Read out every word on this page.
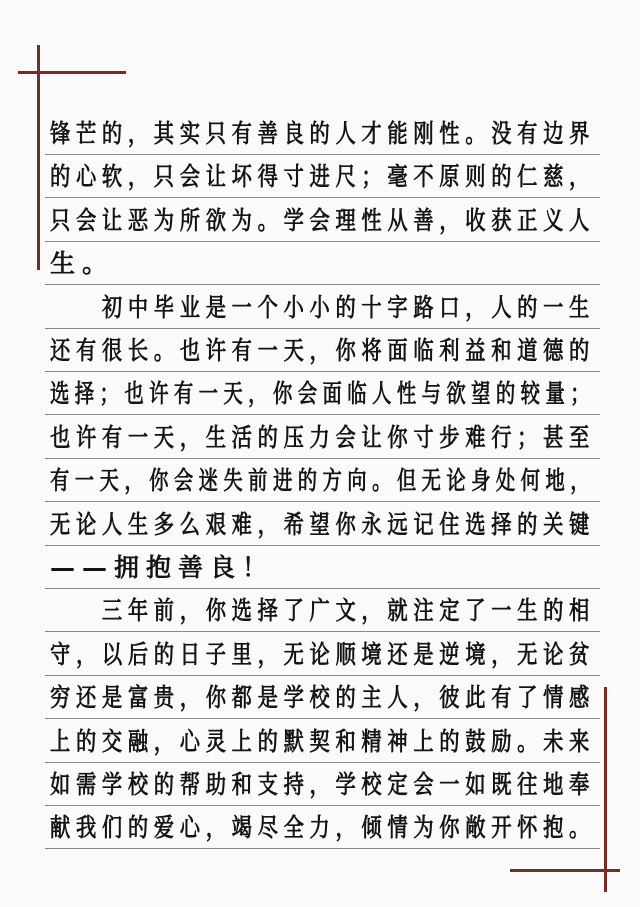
锋芒的，其实只有善良的人才能刚性。没有边界
的心软，只会让坏得寸进尺；毫不原则的仁慈，
只会让恶为所欲为。学会理性从善，收获正义人
生。
　　初中毕业是一个小小的十字路口，人的一生
还有很长。也许有一天，你将面临利益和道德的
选择；也许有一天，你会面临人性与欲望的较量；
也许有一天，生活的压力会让你寸步难行；甚至
有一天，你会迷失前进的方向。但无论身处何地，
无论人生多么艰难，希望你永远记住选择的关键
——拥抱善良！
　　三年前，你选择了广文，就注定了一生的相
守，以后的日子里，无论顺境还是逆境，无论贫
穷还是富贵，你都是学校的主人，彼此有了情感
上的交融，心灵上的默契和精神上的鼓励。未来
如需学校的帮助和支持，学校定会一如既往地奉
献我们的爱心，竭尽全力，倾情为你敞开怀抱。
